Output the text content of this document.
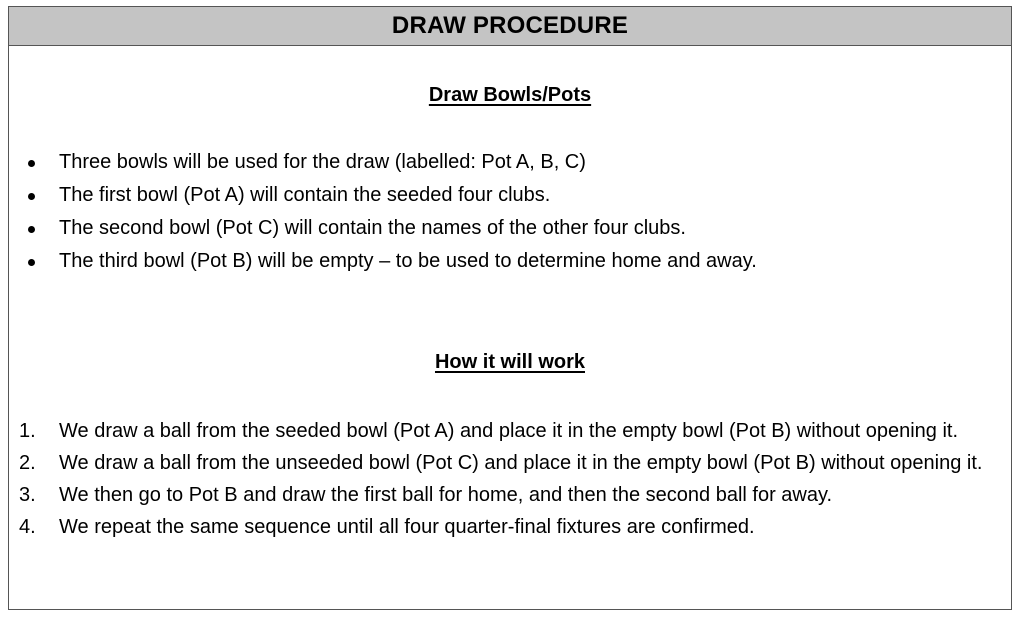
DRAW PROCEDURE
Draw Bowls/Pots
Three bowls will be used for the draw (labelled: Pot A, B, C)
The first bowl (Pot A) will contain the seeded four clubs.
The second bowl (Pot C) will contain the names of the other four clubs.
The third bowl (Pot B) will be empty – to be used to determine home and away.
How it will work
1. We draw a ball from the seeded bowl (Pot A) and place it in the empty bowl (Pot B) without opening it.
2. We draw a ball from the unseeded bowl (Pot C) and place it in the empty bowl (Pot B) without opening it.
3. We then go to Pot B and draw the first ball for home, and then the second ball for away.
4. We repeat the same sequence until all four quarter-final fixtures are confirmed.
